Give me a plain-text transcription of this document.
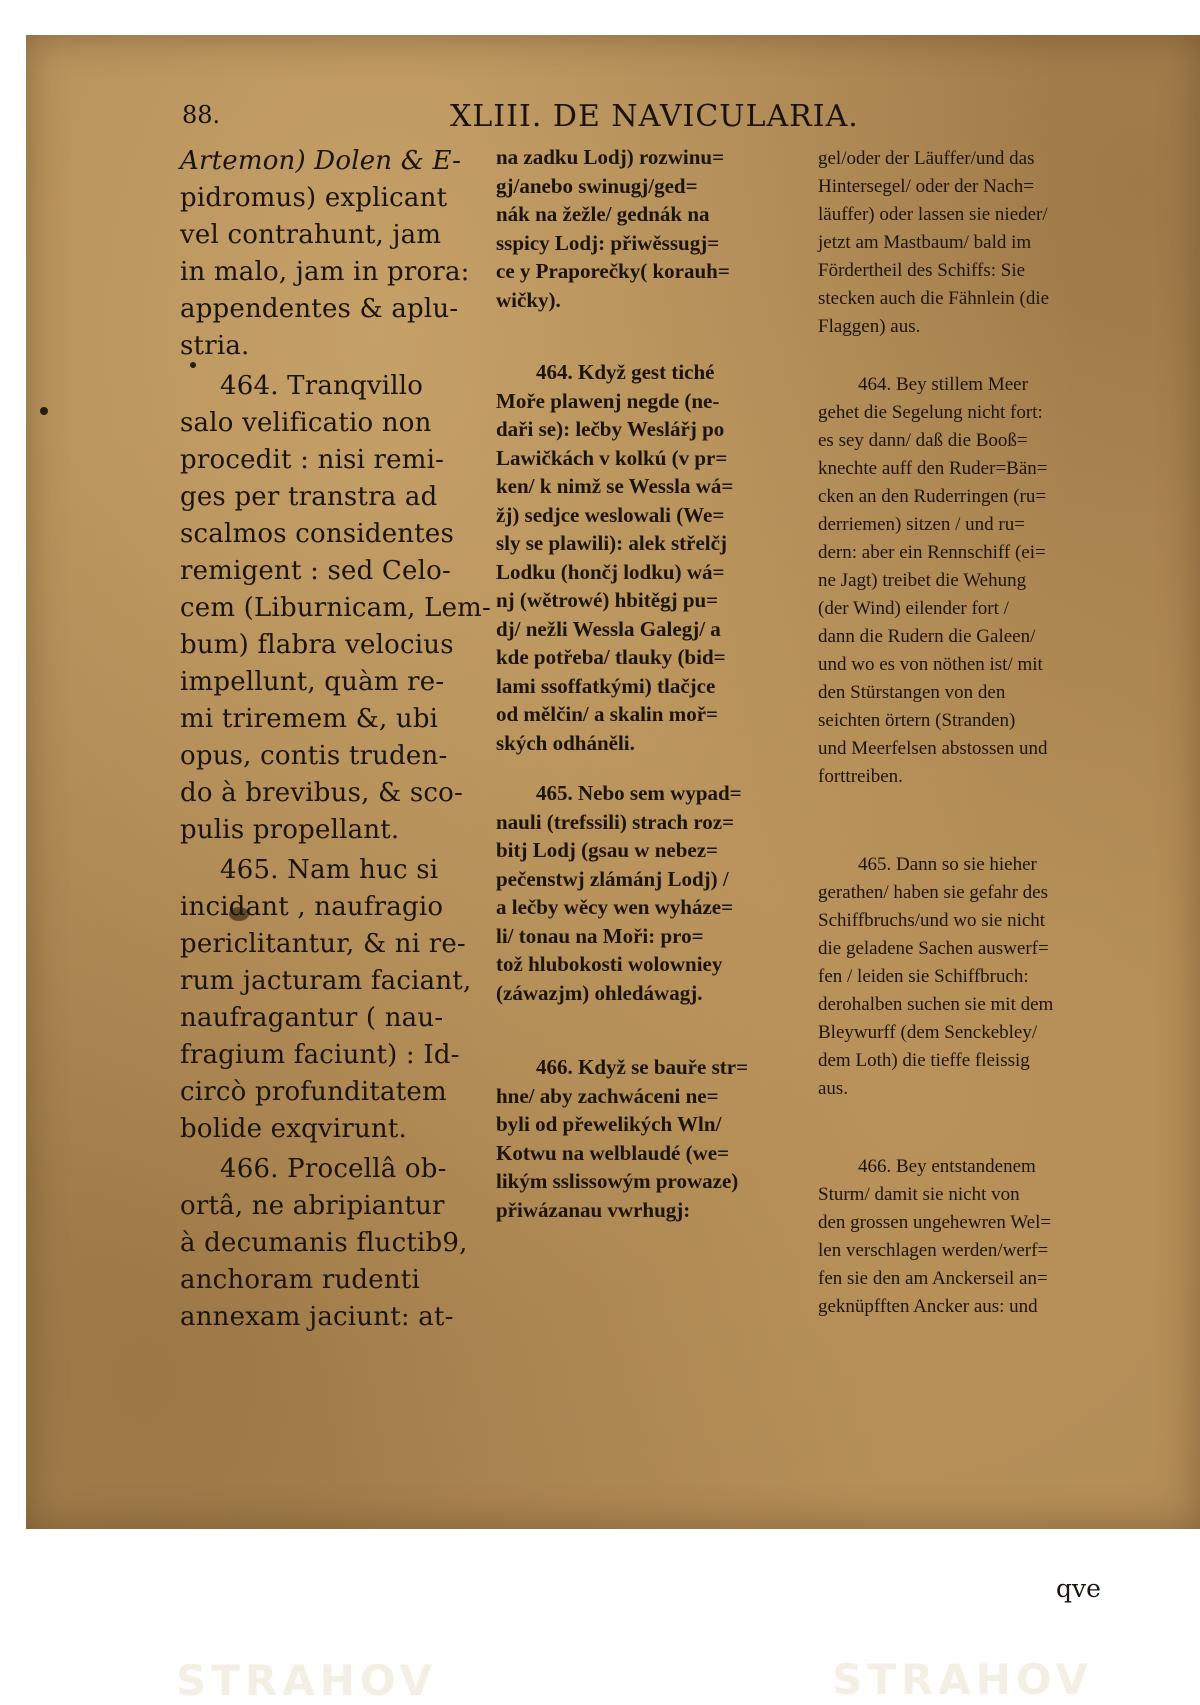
88.	XLIII. DE NAVICULARIA.
Artemon) Dolen & E-
pidromus) explicant
vel contrahunt, jam
in malo, jam in prora:
appendentes & aplu-
stria.
464. Tranqvillo
salo velificatio non
procedit : nisi remi-
ges per transtra ad
scalmos considentes
remigent : sed Celo-
cem (Liburnicam, Lem-
bum) flabra velocius
impellunt, quàm re-
mi triremem &, ubi
opus, contis truden-
do à brevibus, & sco-
pulis propellant.
465. Nam huc si
incidant , naufragio
periclitantur, & ni re-
rum jacturam faciant,
naufragantur ( nau-
fragium faciunt) : Id-
circò profunditatem
bolide exqvirunt.
466. Procellâ ob-
ortâ, ne abripiantur
à decumanis fluctib9,
anchoram rudenti
annexam jaciunt: at-
na zadku Lodj) rozwinu=
gj/anebo swinugj/ged=
nák na žežle/ gednák na
sspicy Lodj: přiwěssugj=
ce y Praporečky( korauh=
wičky).
464. Když gest tiché
Moře plawenj negde (ne-
daři se): lečby Weslářj po
Lawičkách v kolkú (v pr=
ken/ k nimž se Wessla wá=
žj) sedjce weslowali (We=
sly se plawili): alek střelčj
Lodku (hončj lodku) wá=
nj (wětrowé) hbitěgj pu=
dj/ nežli Wessla Galegj/ a
kde potřeba/ tlauky (bid=
lami ssoffatkými) tlačjce
od mělčin/ a skalin moř=
ských odháněli.
465. Nebo sem wypad=
nauli (trefssili) strach roz=
bitj Lodj (gsau w nebez=
pečenstwj zlámánj Lodj) /
a lečby wěcy wen wyháze=
li/ tonau na Moři: pro=
tož hlubokosti wolowniey
(záwazjm) ohledáwagj.
466. Když se bauře str=
hne/ aby zachwáceni ne=
byli od přewelikých Wln/
Kotwu na welblaudé (we=
likým sslissowým prowaze)
přiwázanau vwrhugj:
gel/oder der Läuffer/und das
Hintersegel/ oder der Nach=
läuffer) oder lassen sie nieder/
jetzt am Mastbaum/ bald im
Fördertheil des Schiffs: Sie
stecken auch die Fähnlein (die
Flaggen) aus.
464. Bey stillem Meer
gehet die Segelung nicht fort:
es sey dann/ daß die Booß=
knechte auff den Ruder=Bän=
cken an den Ruderringen (ru=
derriemen) sitzen / und ru=
dern: aber ein Rennschiff (ei=
ne Jagt) treibet die Wehung
(der Wind) eilender fort /
dann die Rudern die Galeen/
und wo es von nöthen ist/ mit
den Stürstangen von den
seichten örtern (Stranden)
und Meerfelsen abstossen und
forttreiben.
465. Dann so sie hieher
gerathen/ haben sie gefahr des
Schiffbruchs/und wo sie nicht
die geladene Sachen auswerf=
fen / leiden sie Schiffbruch:
derohalben suchen sie mit dem
Bleywurff (dem Senckebley/
dem Loth) die tieffe fleissig
aus.
466. Bey entstandenem
Sturm/ damit sie nicht von
den grossen ungehewren Wel=
len verschlagen werden/werf=
fen sie den am Anckerseil an=
geknüpfften Ancker aus: und
qve
STRAHOV	STRAHOV
